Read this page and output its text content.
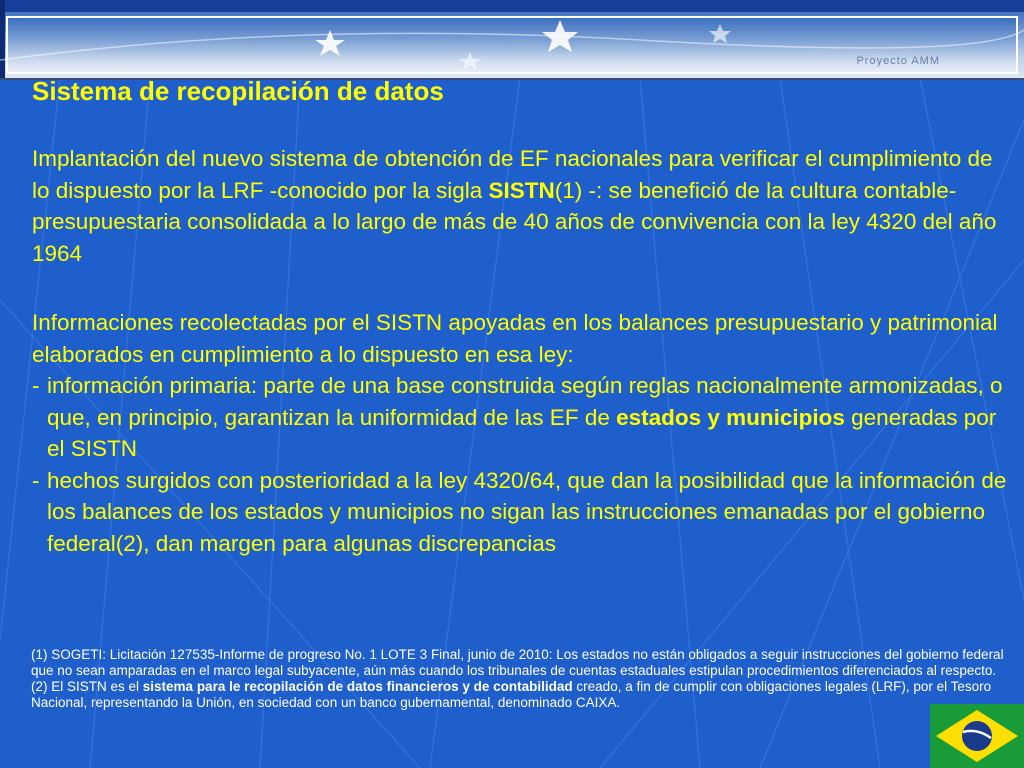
Proyecto AMM
Sistema de recopilación de datos
Implantación del nuevo sistema de obtención de EF nacionales para verificar el cumplimiento de lo dispuesto por la LRF -conocido por la sigla SISTN(1) -: se benefició de la cultura contable-presupuestaria consolidada a lo largo de más de 40 años de convivencia con la ley 4320 del año 1964
Informaciones recolectadas por el SISTN apoyadas en los balances presupuestario y patrimonial elaborados en cumplimiento a lo dispuesto en esa ley:
- información primaria: parte de una base construida según reglas nacionalmente armonizadas, o que, en principio, garantizan la uniformidad de las EF de estados y municipios generadas por el SISTN
- hechos surgidos con posterioridad a la ley 4320/64, que dan la posibilidad que la información de los balances de los estados y municipios no sigan las instrucciones emanadas por el gobierno federal(2), dan margen para algunas discrepancias
(1) SOGETI: Licitación 127535-Informe de progreso No. 1 LOTE 3 Final, junio de 2010: Los estados no están obligados a seguir instrucciones del gobierno federal que no sean amparadas en el marco legal subyacente, aún más cuando los tribunales de cuentas estaduales estipulan procedimientos diferenciados al respecto.
(2) El SISTN es el sistema para le recopilación de datos financieros y de contabilidad creado, a fin de cumplir con obligaciones legales (LRF), por el Tesoro Nacional, representando la Unión, en sociedad con un banco gubernamental, denominado CAIXA.
